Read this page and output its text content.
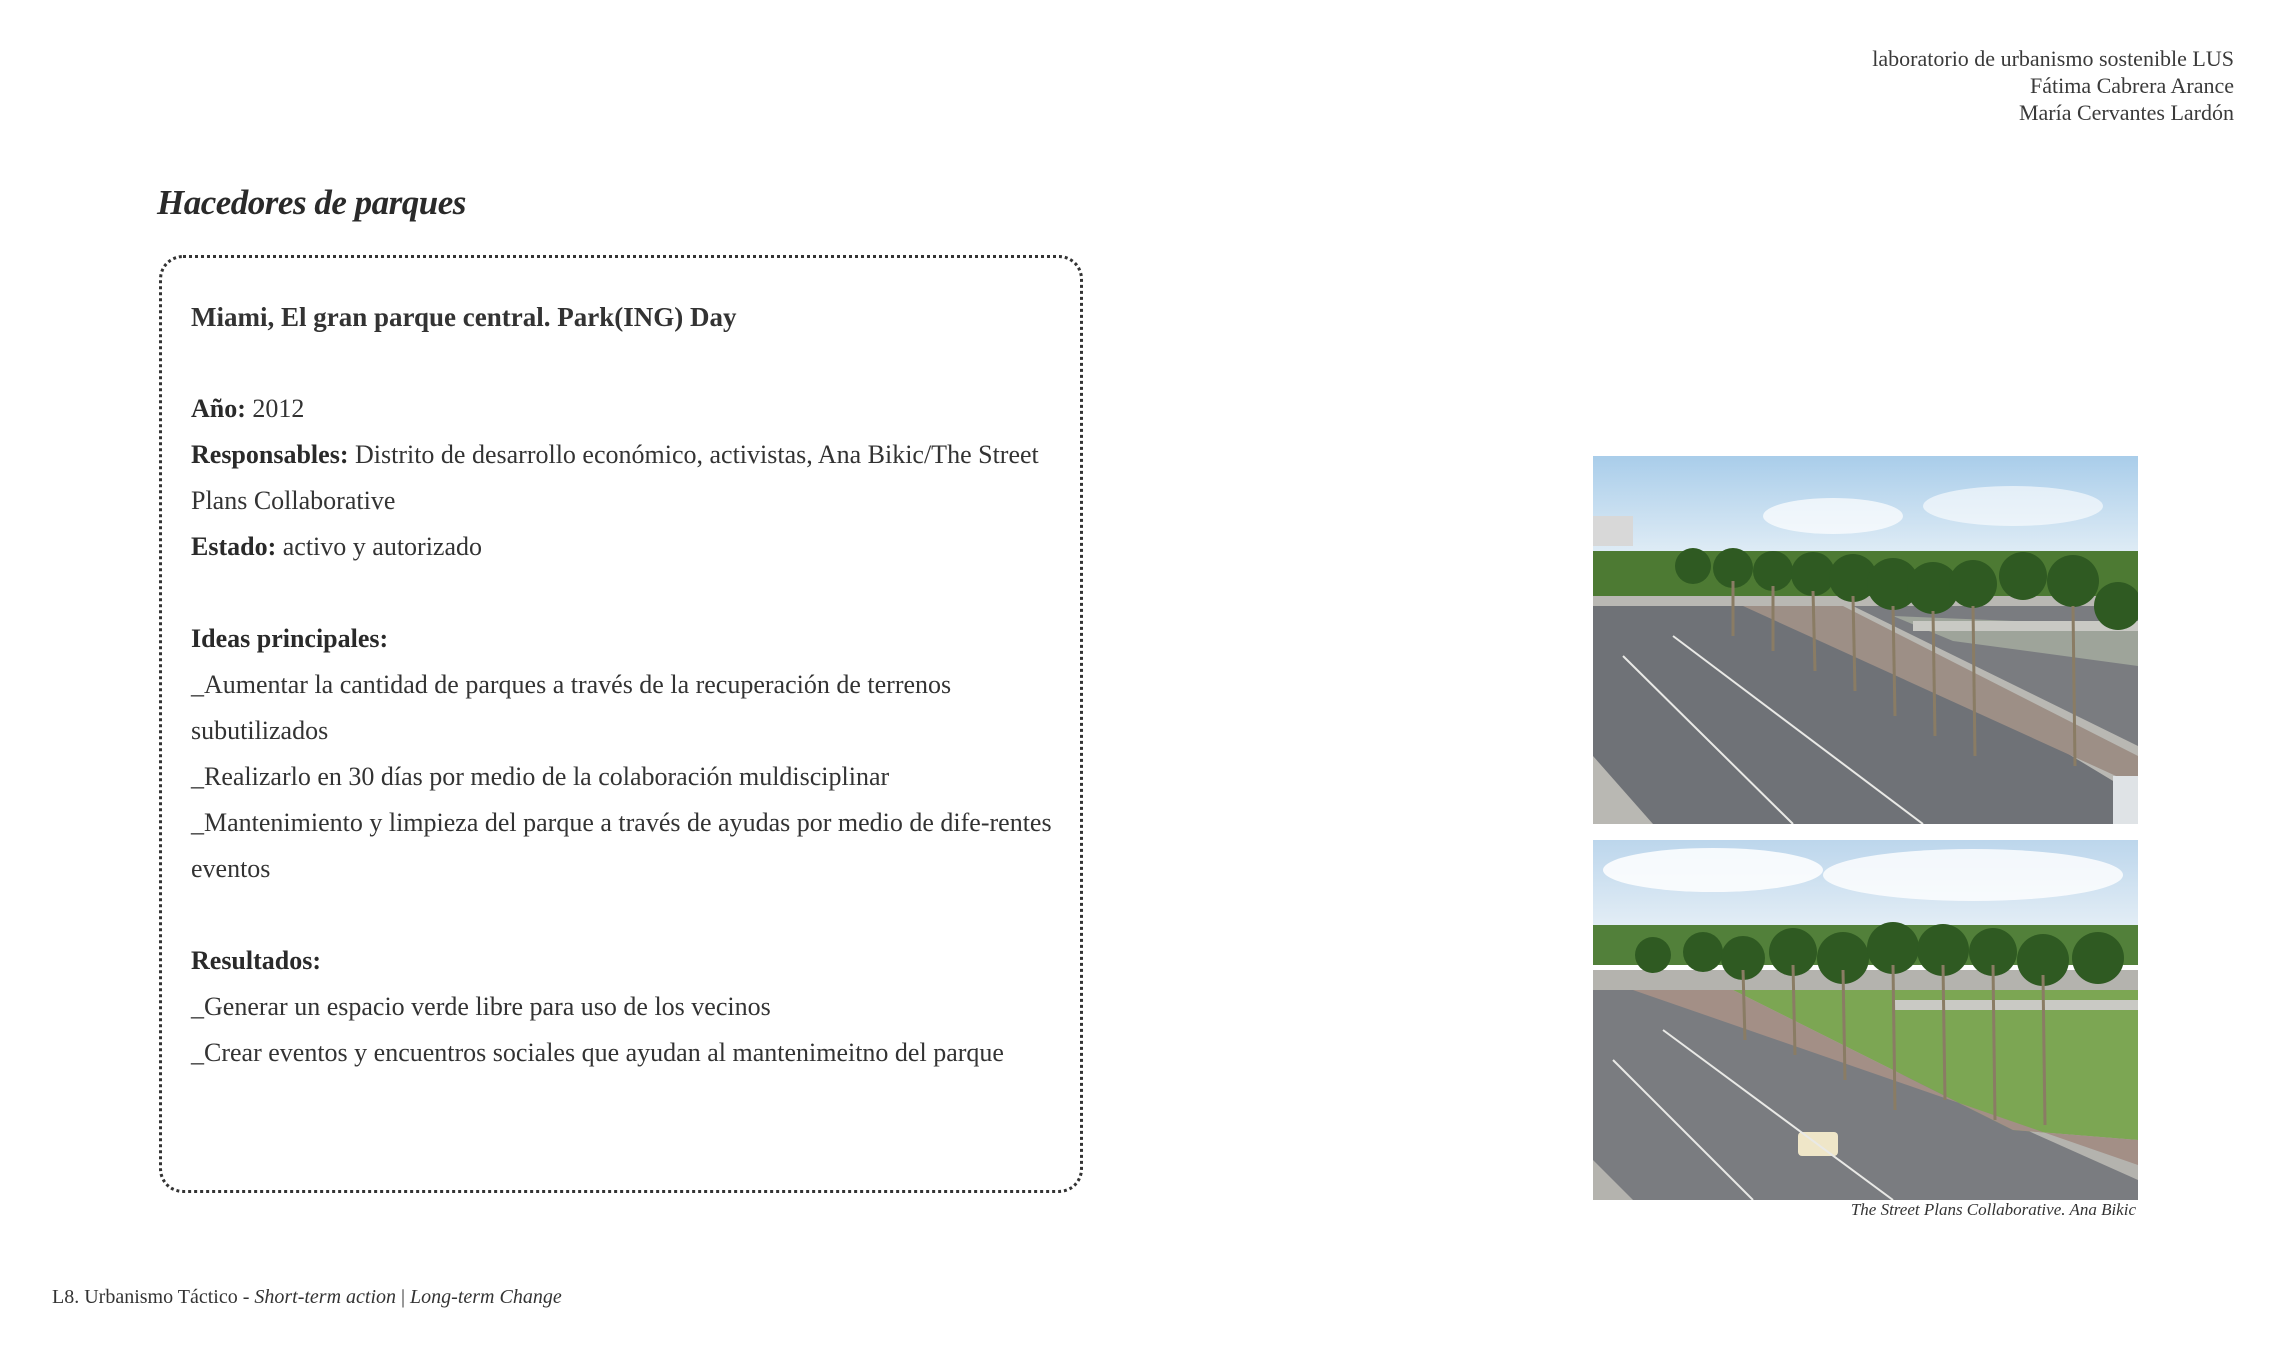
laboratorio de urbanismo sostenible LUS
Fátima Cabrera Arance
María Cervantes Lardón
Hacedores de parques

Miami, El gran parque central. Park(ING) Day

Año: 2012

Responsables: Distrito de desarrollo económico, activistas, Ana Bikic/The Street Plans Collaborative

Estado: activo y autorizado

Ideas principales:

_Aumentar la cantidad de parques a través de la recuperación de terrenos subutilizados

_Realizarlo en 30 días por medio de la colaboración muldisciplinar

_Mantenimiento y limpieza del parque a través de ayudas por medio de dife-rentes eventos

Resultados:

_Generar un espacio verde libre para uso de los vecinos

_Crear eventos y encuentros sociales que ayudan al mantenimeitno del parque

The Street Plans Collaborative. Ana Bikic
L8. Urbanismo Táctico - Short-term action | Long-term Change
